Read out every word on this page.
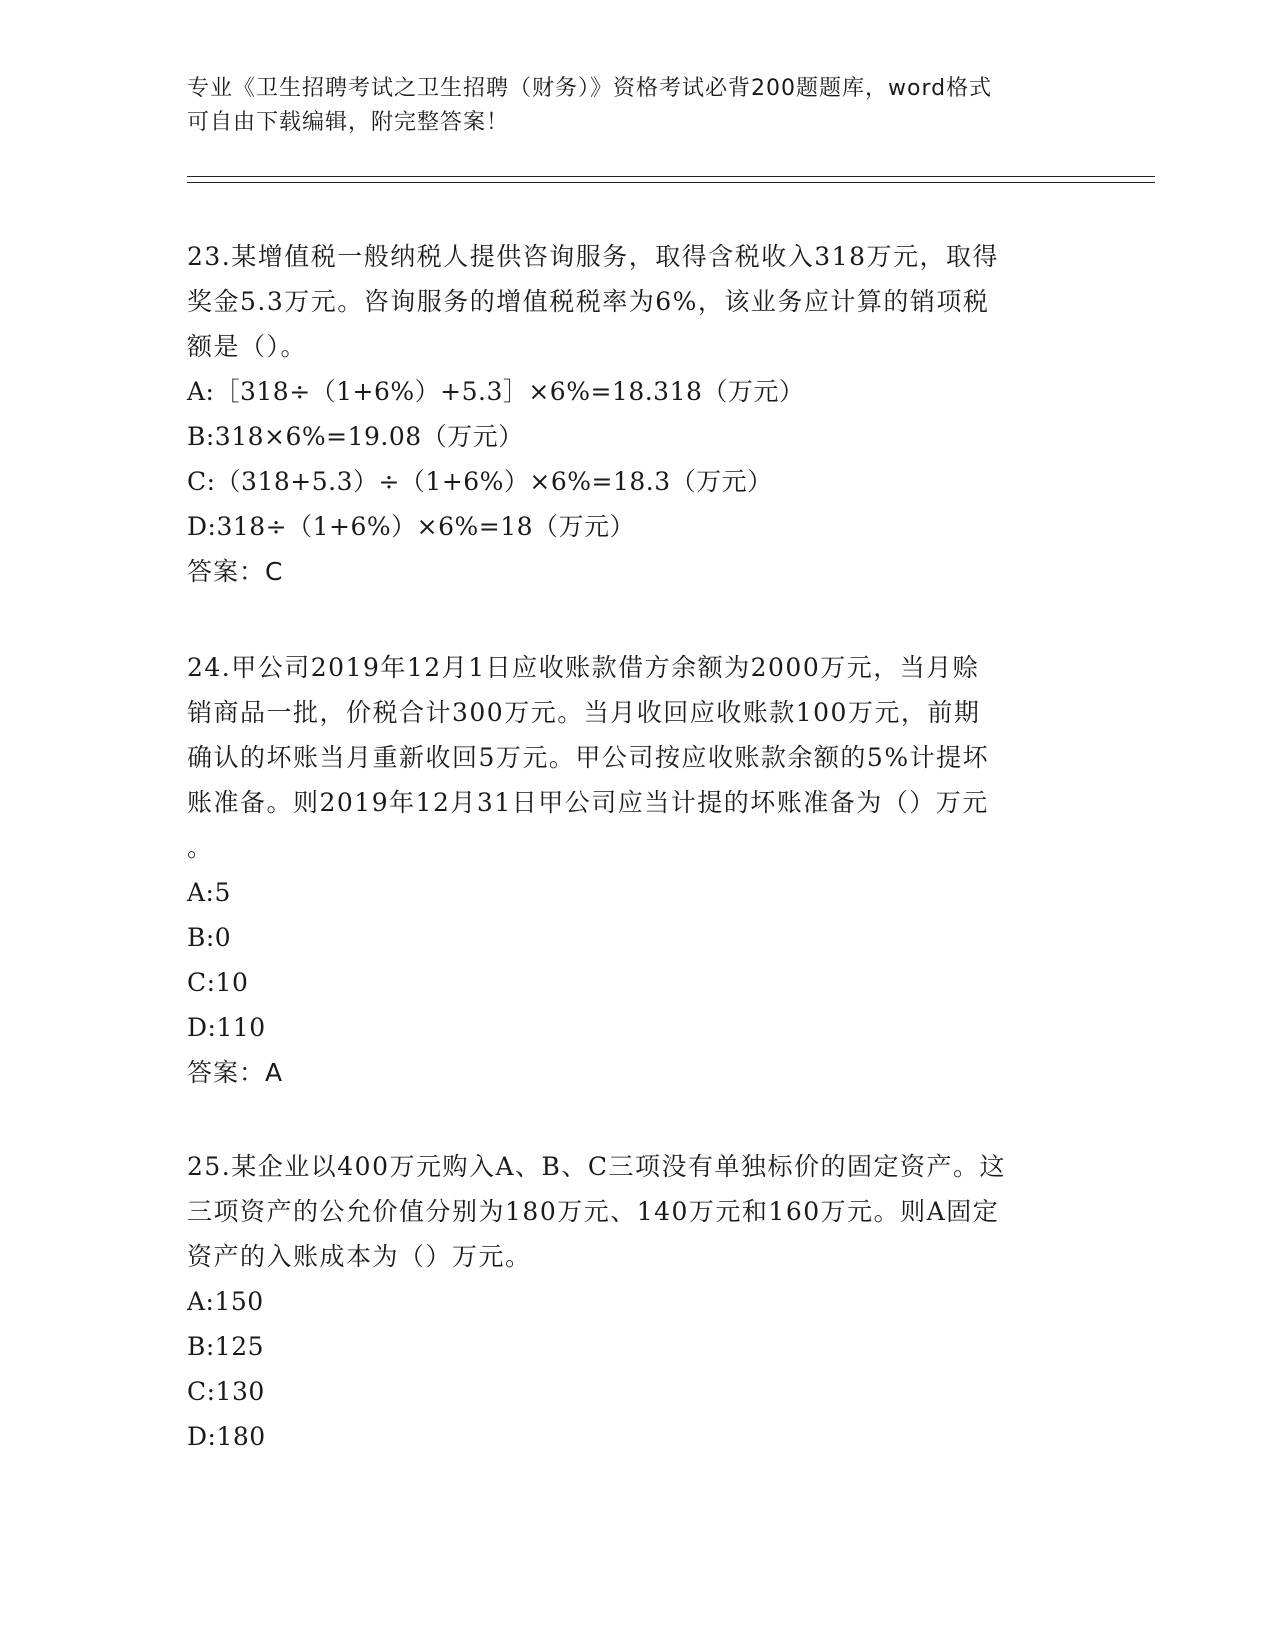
专业《卫生招聘考试之卫生招聘（财务）》资格考试必背200题题库，word格式
可自由下载编辑，附完整答案！

23.某增值税一般纳税人提供咨询服务，取得含税收入318万元，取得

奖金5.3万元。咨询服务的增值税税率为6%，该业务应计算的销项税

额是（）。

A:［318÷（1+6%）+5.3］×6%=18.318（万元）

B:318×6%=19.08（万元）

C:（318+5.3）÷（1+6%）×6%=18.3（万元）

D:318÷（1+6%）×6%=18（万元）

答案：C

24.甲公司2019年12月1日应收账款借方余额为2000万元，当月赊

销商品一批，价税合计300万元。当月收回应收账款100万元，前期

确认的坏账当月重新收回5万元。甲公司按应收账款余额的5%计提坏

账准备。则2019年12月31日甲公司应当计提的坏账准备为（）万元

。

A:5

B:0

C:10

D:110

答案：A

25.某企业以400万元购入A、B、C三项没有单独标价的固定资产。这

三项资产的公允价值分别为180万元、140万元和160万元。则A固定

资产的入账成本为（）万元。

A:150

B:125

C:130

D:180
